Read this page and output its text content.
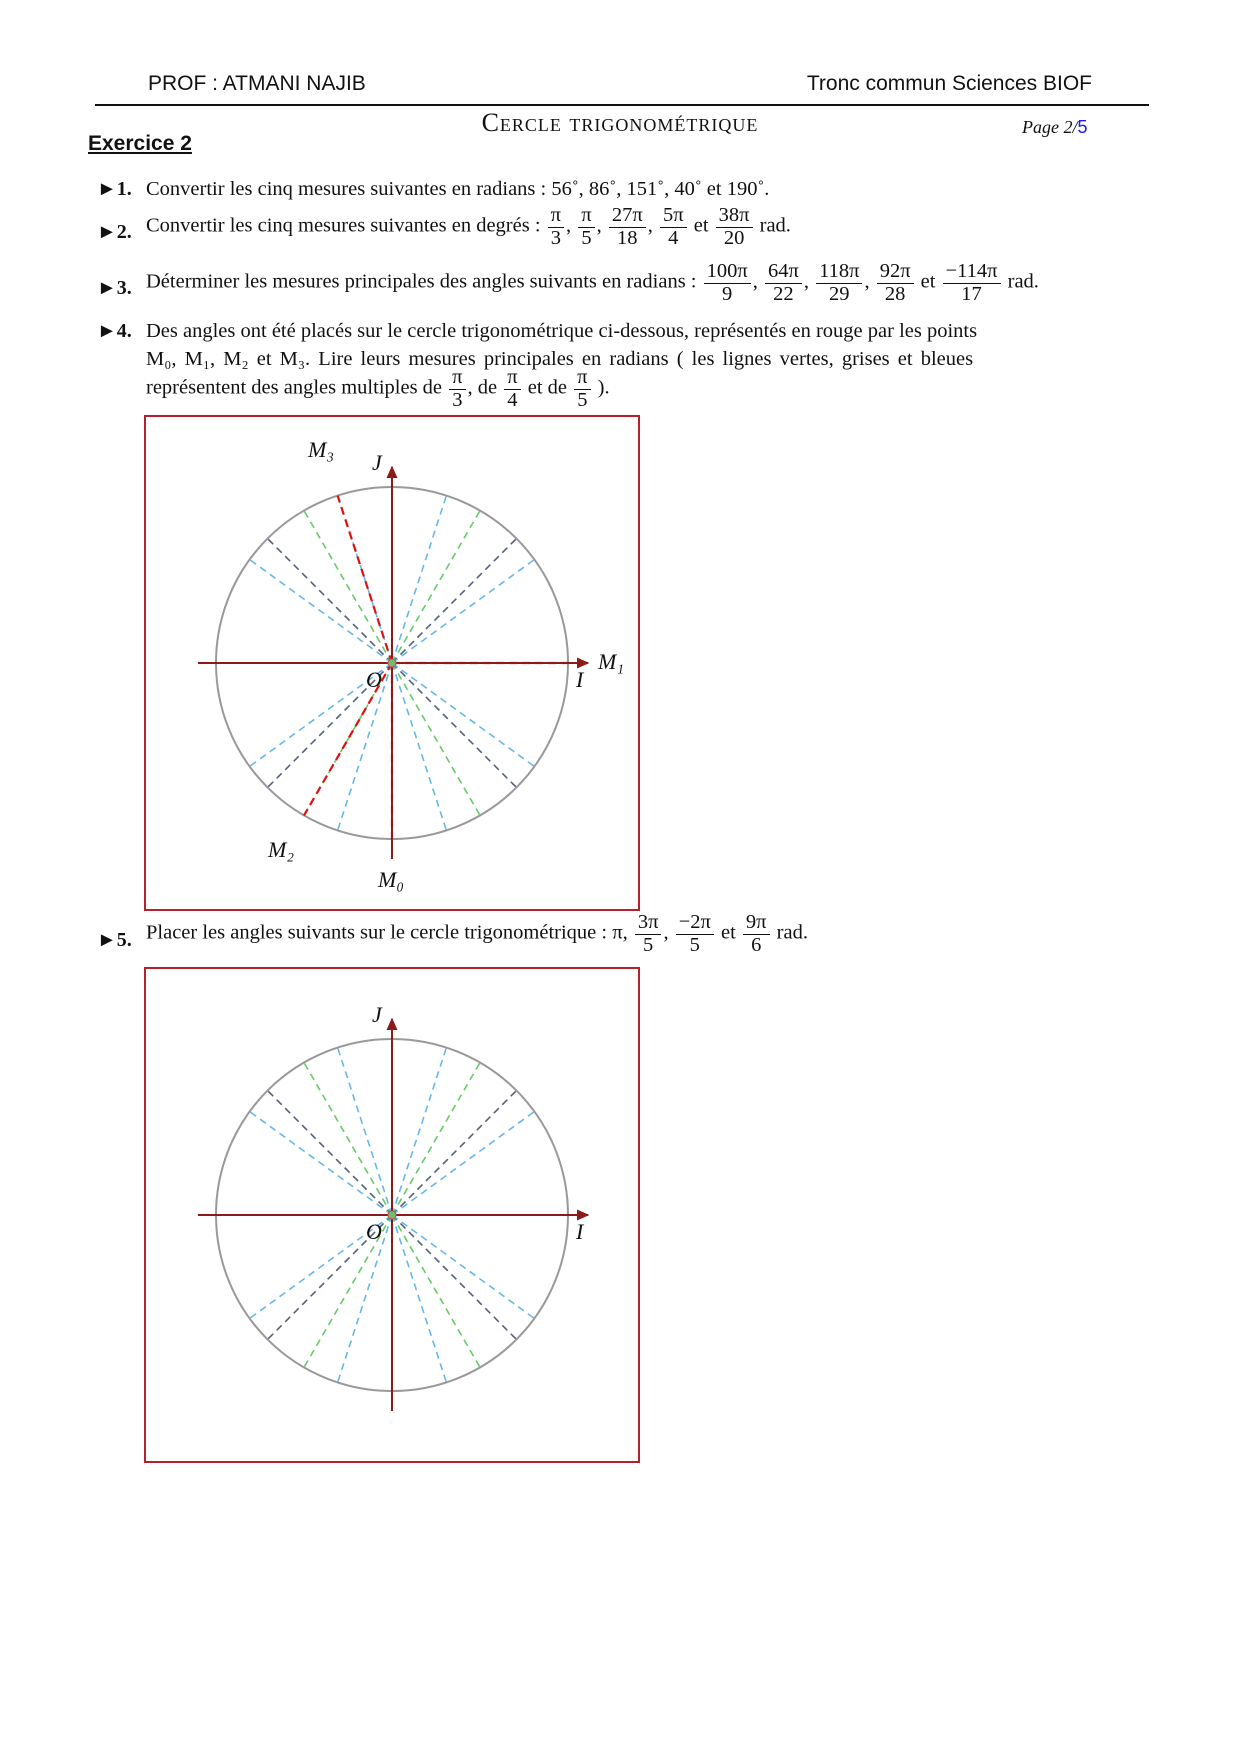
PROF : ATMANI NAJIB	Tronc commun Sciences BIOF
Cercle trigonométrique	Page 2/5
Exercice 2
►1. Convertir les cinq mesures suivantes en radians : 56˚, 86˚, 151˚, 40˚ et 190˚.
►2. Convertir les cinq mesures suivantes en degrés : $\frac{\pi}{3}$ , $\frac{\pi}{5}$ , $\frac{27\pi}{18}$ , $\frac{5\pi}{4}$ et $\frac{38\pi}{20}$ rad.
►3. Déterminer les mesures principales des angles suivants en radians : $\frac{100\pi}{9}$ , $\frac{64\pi}{22}$ , $\frac{118\pi}{29}$ , $\frac{92\pi}{28}$ et $\frac{-114\pi}{17}$ rad.
►4. Des angles ont été placés sur le cercle trigonométrique ci-dessous, représentés en rouge par les points
M₀, M₁, M₂ et M₃. Lire leurs mesures principales en radians ( les lignes vertes, grises et bleues
représentent des angles multiples de $\frac{\pi}{3}$ , de $\frac{\pi}{4}$ et de $\frac{\pi}{5}$ ).
J
I
O
M₀
M₁
M₂
M₃
►5. Placer les angles suivants sur le cercle trigonométrique : π, $\frac{3\pi}{5}$ , $\frac{-2\pi}{5}$ et $\frac{9\pi}{6}$ rad.
J
I
O
